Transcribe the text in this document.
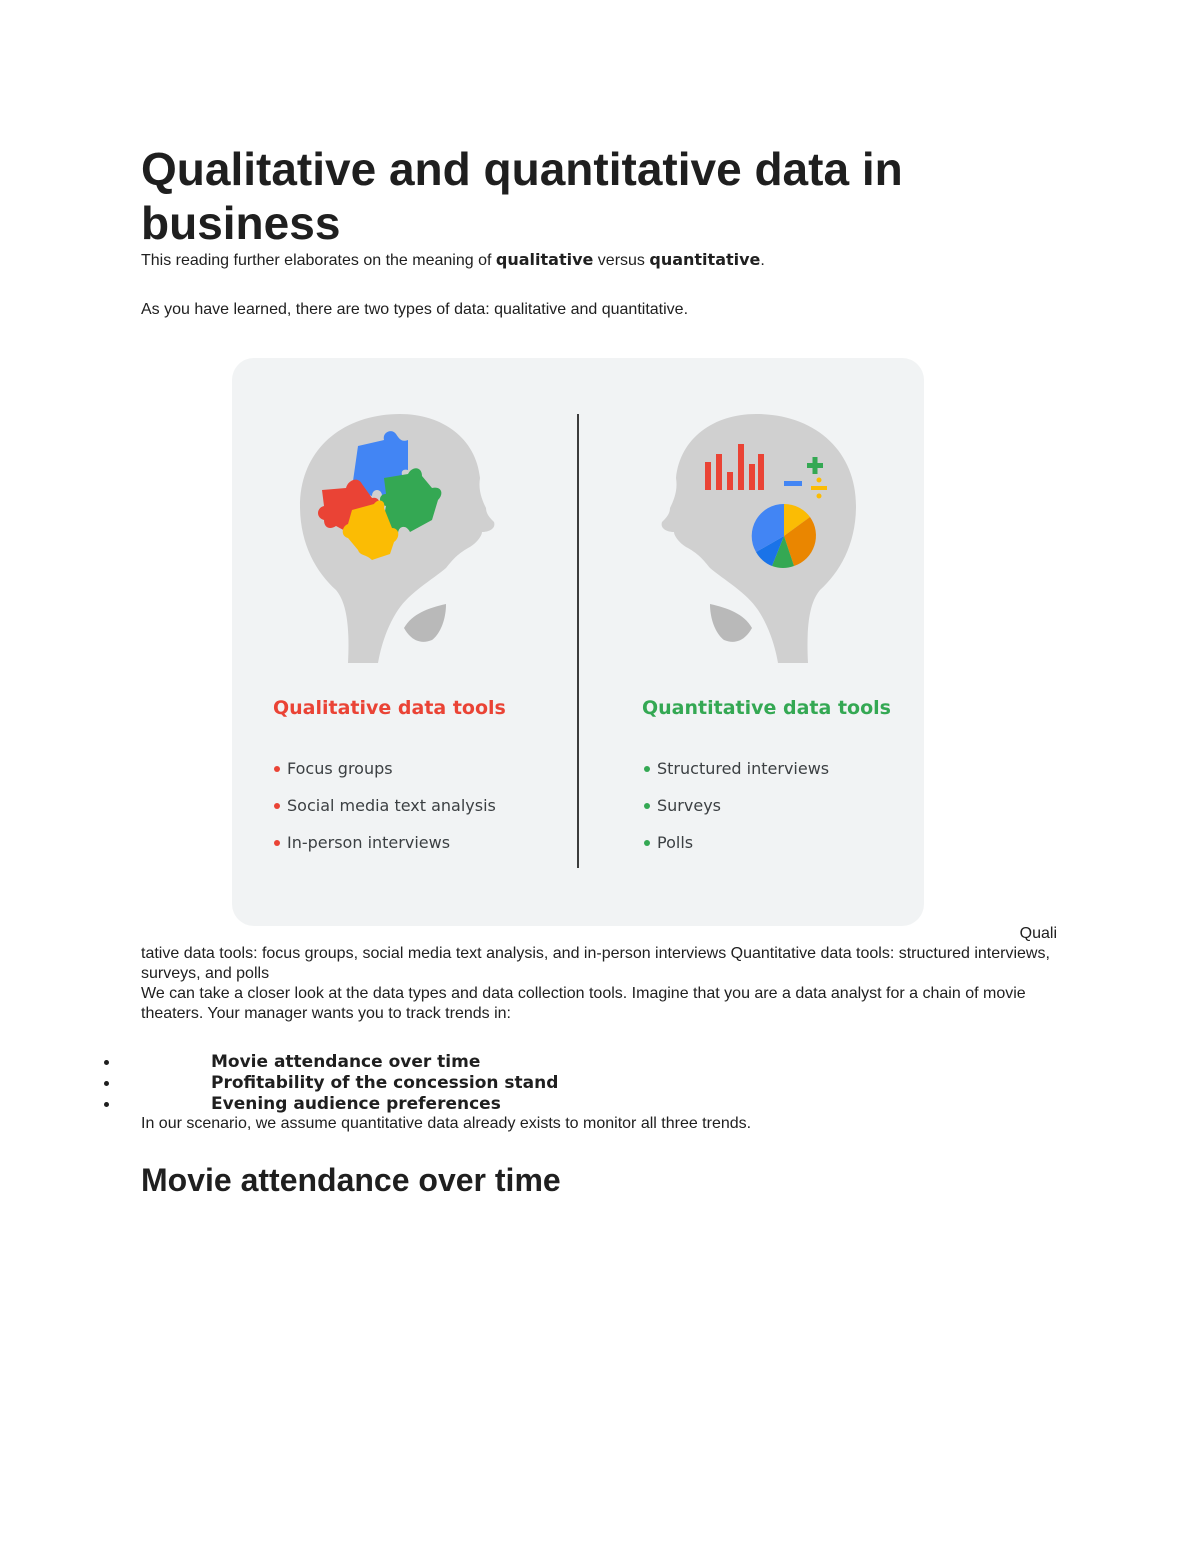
Qualitative and quantitative data in business

This reading further elaborates on the meaning of qualitative versus quantitative.

As you have learned, there are two types of data: qualitative and quantitative.

Qualitative data tools

Focus groups
Social media text analysis
In-person interviews

Quantitative data tools

Structured interviews
Surveys
Polls

Quali

tative data tools: focus groups, social media text analysis, and in-person interviews Quantitative data tools: structured interviews, surveys, and polls

We can take a closer look at the data types and data collection tools. Imagine that you are a data analyst for a chain of movie theaters. Your manager wants you to track trends in:

Movie attendance over time
Profitability of the concession stand
Evening audience preferences

In our scenario, we assume quantitative data already exists to monitor all three trends.

Movie attendance over time
